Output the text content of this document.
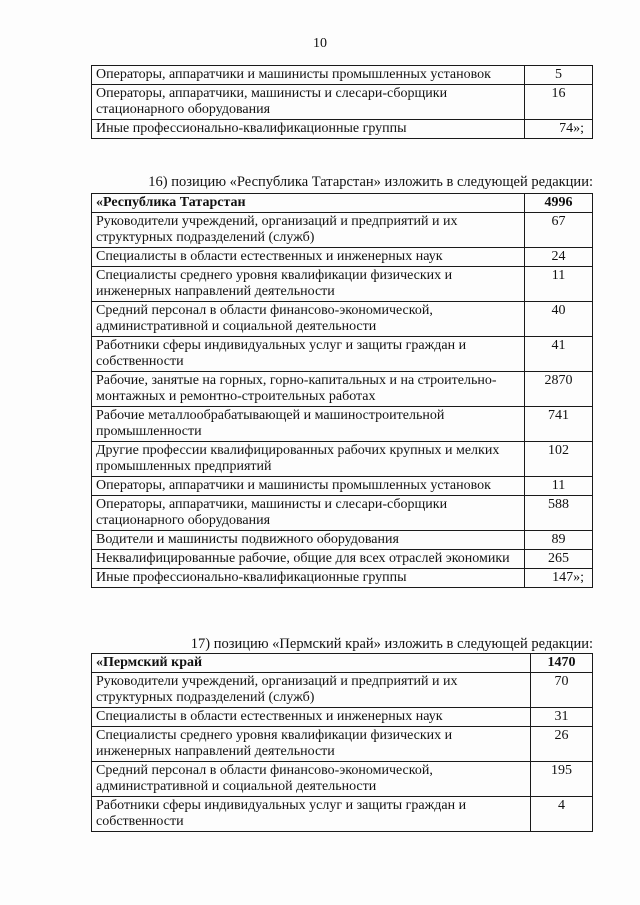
10
Операторы, аппаратчики и машинисты промышленных установок	5
Операторы, аппаратчики, машинисты и слесари-сборщики стационарного оборудования	16
Иные профессионально-квалификационные группы	74»;
16) позицию «Республика Татарстан» изложить в следующей редакции:
«Республика Татарстан	4996
Руководители учреждений, организаций и предприятий и их структурных подразделений (служб)	67
Специалисты в области естественных и инженерных наук	24
Специалисты среднего уровня квалификации физических и инженерных направлений деятельности	11
Средний персонал в области финансово-экономической, административной и социальной деятельности	40
Работники сферы индивидуальных услуг и защиты граждан и собственности	41
Рабочие, занятые на горных, горно-капитальных и на строительно-монтажных и ремонтно-строительных работах	2870
Рабочие металлообрабатывающей и машиностроительной промышленности	741
Другие профессии квалифицированных рабочих крупных и мелких промышленных предприятий	102
Операторы, аппаратчики и машинисты промышленных установок	11
Операторы, аппаратчики, машинисты и слесари-сборщики стационарного оборудования	588
Водители и машинисты подвижного оборудования	89
Неквалифицированные рабочие, общие для всех отраслей экономики	265
Иные профессионально-квалификационные группы	147»;
17) позицию «Пермский край» изложить в следующей редакции:
«Пермский край	1470
Руководители учреждений, организаций и предприятий и их структурных подразделений (служб)	70
Специалисты в области естественных и инженерных наук	31
Специалисты среднего уровня квалификации физических и инженерных направлений деятельности	26
Средний персонал в области финансово-экономической, административной и социальной деятельности	195
Работники сферы индивидуальных услуг и защиты граждан и собственности	4
